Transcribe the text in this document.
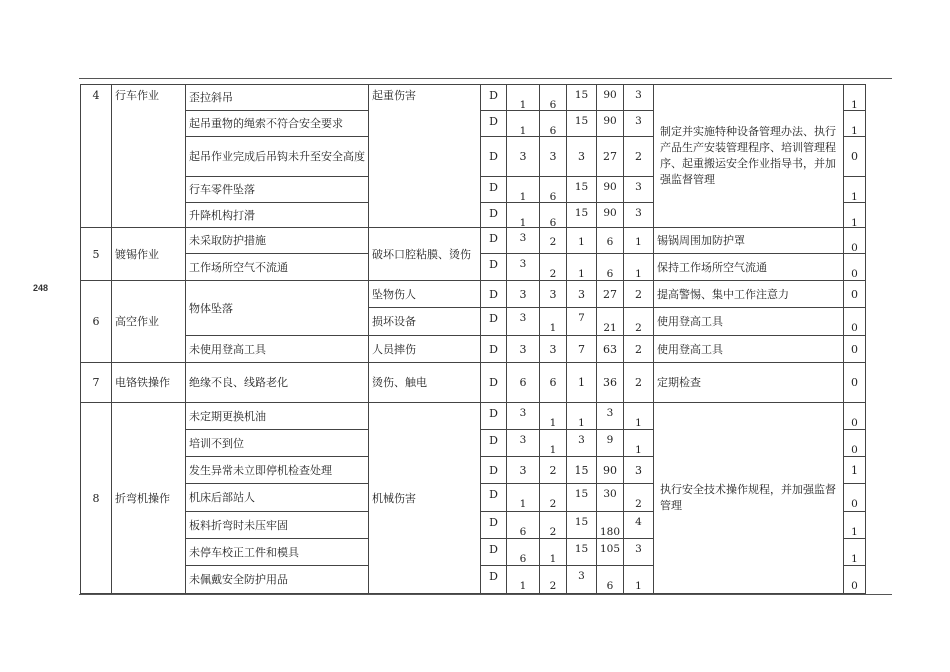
248
4	行车作业	歪拉斜吊	起重伤害	D	1	6	15	90	3	制定并实施特种设备管理办法、执行产品生产安装管理程序、培训管理程序、起重搬运安全作业指导书，并加强监督管理	1

		起吊重物的绳索不符合安全要求		D	1	6	15	90	3		1

		起吊作业完成后吊钩未升至安全高度		D	3	3	3	27	2		0
		行车零件坠落		D	1	6	15	90	3		1

		升降机构打滑		D	1	6	15	90	3		1

5	镀锡作业	未采取防护措施	破坏口腔粘膜、烫伤	D	3	2	1	6	1	锡锅周围加防护罩	0

		工作场所空气不流通		D	3	2	1	6	1	保持工作场所空气流通	0

6	高空作业	物体坠落	坠物伤人	D	3	3	3	27	2	提高警惕、集中工作注意力	0
			损坏设备	D	3	1	7	21	2	使用登高工具	0

		未使用登高工具	人员摔伤	D	3	3	7	63	2	使用登高工具	0
7	电铬铁操作	绝缘不良、线路老化	烫伤、触电	D	6	6	1	36	2	定期检查	0
8	折弯机操作	未定期更换机油	机械伤害	D	3	1	1	3	1	执行安全技术操作规程，并加强监督管理	0

		培训不到位		D	3	1	3	9	1		0

		发生异常未立即停机检查处理		D	3	2	15	90	3		1
		机床后部站人		D	1	2	15	30	2		0

		板料折弯时未压牢固		D	6	2	15	180	4		1

		未停车校正工件和模具		D	6	1	15	105	3		1

		未佩戴安全防护用品		D	1	2	3	6	1		0
